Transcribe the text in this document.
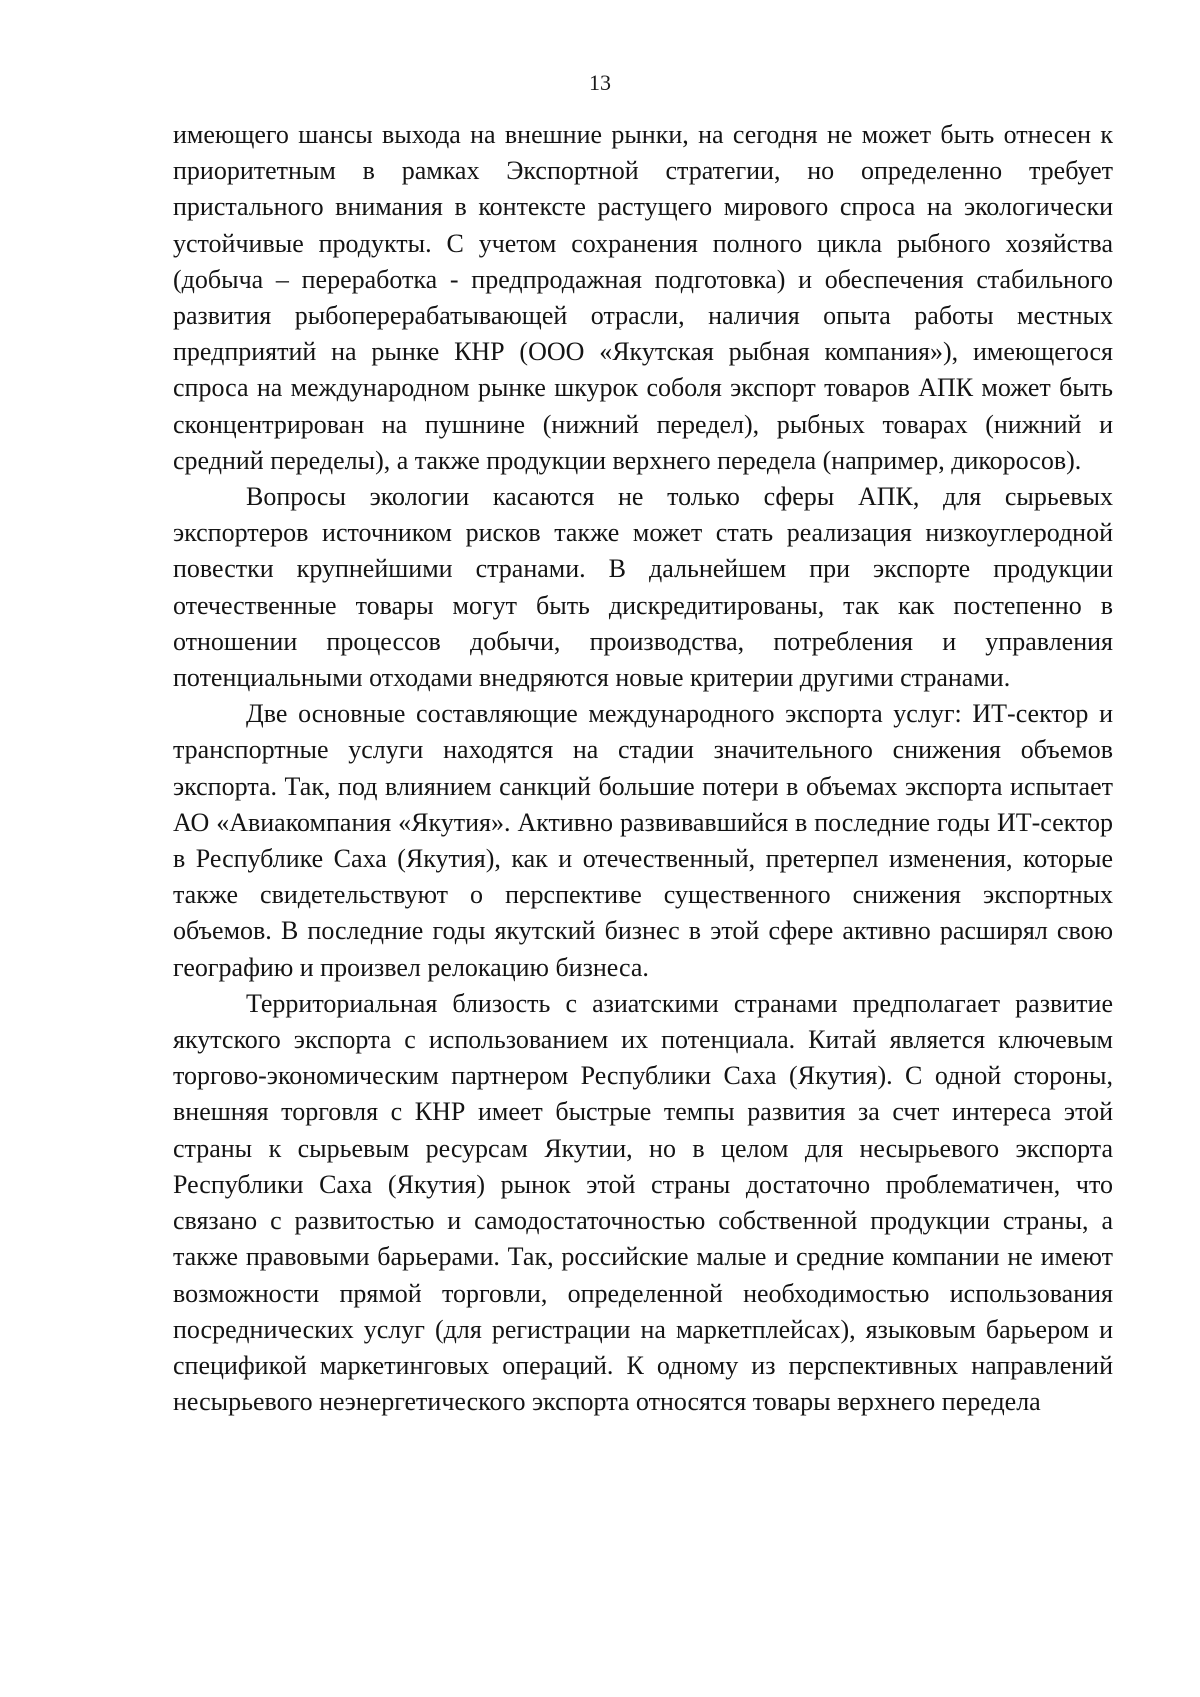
13

имеющего шансы выхода на внешние рынки, на сегодня не может быть отнесен к приоритетным в рамках Экспортной стратегии, но определенно требует пристального внимания в контексте растущего мирового спроса на экологически устойчивые продукты. С учетом сохранения полного цикла рыбного хозяйства (добыча – переработка - предпродажная подготовка) и обеспечения стабильного развития рыбоперерабатывающей отрасли, наличия опыта работы местных предприятий на рынке КНР (ООО «Якутская рыбная компания»), имеющегося спроса на международном рынке шкурок соболя экспорт товаров АПК может быть сконцентрирован на пушнине (нижний передел), рыбных товарах (нижний и средний переделы), а также продукции верхнего передела (например, дикоросов).

Вопросы экологии касаются не только сферы АПК, для сырьевых экспортеров источником рисков также может стать реализация низкоуглеродной повестки крупнейшими странами. В дальнейшем при экспорте продукции отечественные товары могут быть дискредитированы, так как постепенно в отношении процессов добычи, производства, потребления и управления потенциальными отходами внедряются новые критерии другими странами.

Две основные составляющие международного экспорта услуг: ИТ-сектор и транспортные услуги находятся на стадии значительного снижения объемов экспорта. Так, под влиянием санкций большие потери в объемах экспорта испытает АО «Авиакомпания «Якутия». Активно развивавшийся в последние годы ИТ-сектор в Республике Саха (Якутия), как и отечественный, претерпел изменения, которые также свидетельствуют о перспективе существенного снижения экспортных объемов. В последние годы якутский бизнес в этой сфере активно расширял свою географию и произвел релокацию бизнеса.

Территориальная близость с азиатскими странами предполагает развитие якутского экспорта с использованием их потенциала. Китай является ключевым торгово-экономическим партнером Республики Саха (Якутия). С одной стороны, внешняя торговля с КНР имеет быстрые темпы развития за счет интереса этой страны к сырьевым ресурсам Якутии, но в целом для несырьевого экспорта Республики Саха (Якутия) рынок этой страны достаточно проблематичен, что связано с развитостью и самодостаточностью собственной продукции страны, а также правовыми барьерами. Так, российские малые и средние компании не имеют возможности прямой торговли, определенной необходимостью использования посреднических услуг (для регистрации на маркетплейсах), языковым барьером и спецификой маркетинговых операций. К одному из перспективных направлений несырьевого неэнергетического экспорта относятся товары верхнего передела
